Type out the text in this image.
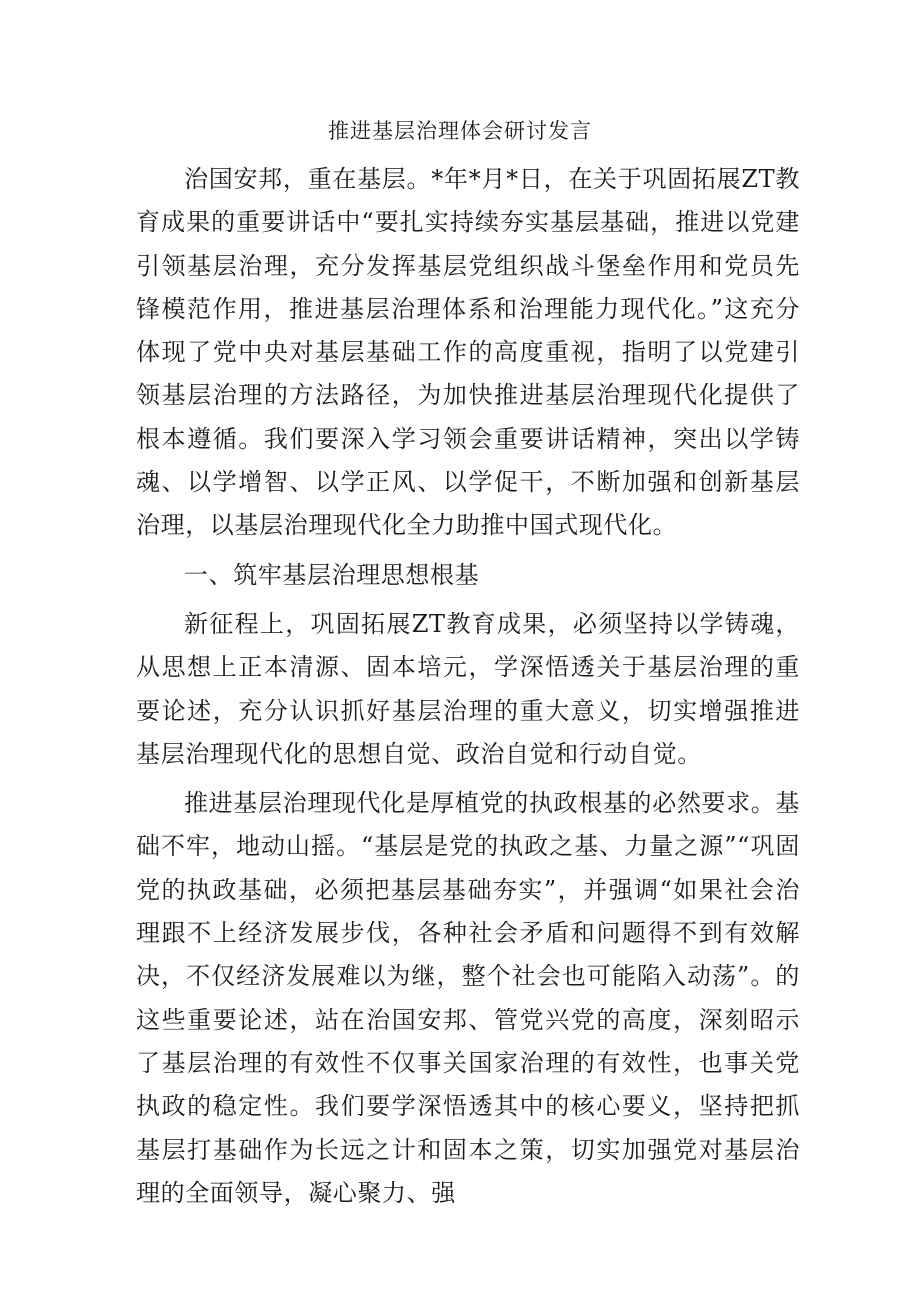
推进基层治理体会研讨发言

治国安邦，重在基层。*年*月*日，在关于巩固拓展ZT教育成果的重要讲话中“要扎实持续夯实基层基础，推进以党建引领基层治理，充分发挥基层党组织战斗堡垒作用和党员先锋模范作用，推进基层治理体系和治理能力现代化。”这充分体现了党中央对基层基础工作的高度重视，指明了以党建引领基层治理的方法路径，为加快推进基层治理现代化提供了根本遵循。我们要深入学习领会重要讲话精神，突出以学铸魂、以学增智、以学正风、以学促干，不断加强和创新基层治理，以基层治理现代化全力助推中国式现代化。

一、筑牢基层治理思想根基

新征程上，巩固拓展ZT教育成果，必须坚持以学铸魂，从思想上正本清源、固本培元，学深悟透关于基层治理的重要论述，充分认识抓好基层治理的重大意义，切实增强推进基层治理现代化的思想自觉、政治自觉和行动自觉。

推进基层治理现代化是厚植党的执政根基的必然要求。基础不牢，地动山摇。“基层是党的执政之基、力量之源”“巩固党的执政基础，必须把基层基础夯实”，并强调“如果社会治理跟不上经济发展步伐，各种社会矛盾和问题得不到有效解决，不仅经济发展难以为继，整个社会也可能陷入动荡”。的这些重要论述，站在治国安邦、管党兴党的高度，深刻昭示了基层治理的有效性不仅事关国家治理的有效性，也事关党执政的稳定性。我们要学深悟透其中的核心要义，坚持把抓基层打基础作为长远之计和固本之策，切实加强党对基层治理的全面领导，凝心聚力、强
